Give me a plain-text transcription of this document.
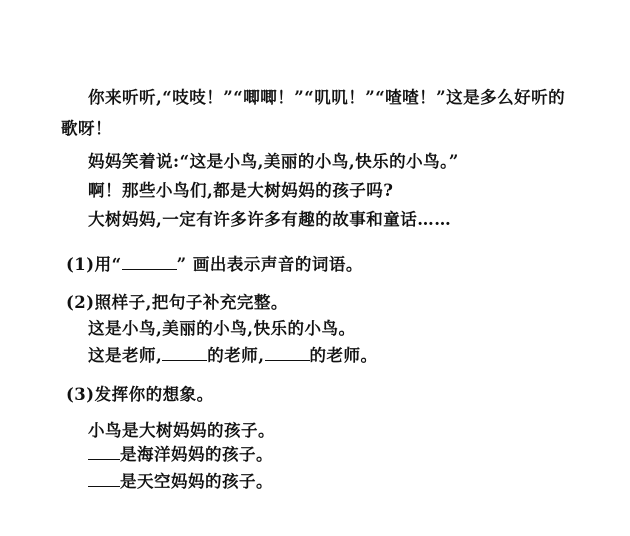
你来听听,“吱吱！”“唧唧！”“叽叽！”“喳喳！”这是多么好听的
歌呀！
妈妈笑着说:“这是小鸟,美丽的小鸟,快乐的小鸟。”
啊！那些小鸟们,都是大树妈妈的孩子吗?
大树妈妈,一定有许多许多有趣的故事和童话……
(1)用“	” 画出表示声音的词语。
(2)照样子,把句子补充完整。
这是小鸟,美丽的小鸟,快乐的小鸟。
这是老师,	的老师,	的老师。
(3)发挥你的想象。
小鸟是大树妈妈的孩子。
是海洋妈妈的孩子。
是天空妈妈的孩子。
